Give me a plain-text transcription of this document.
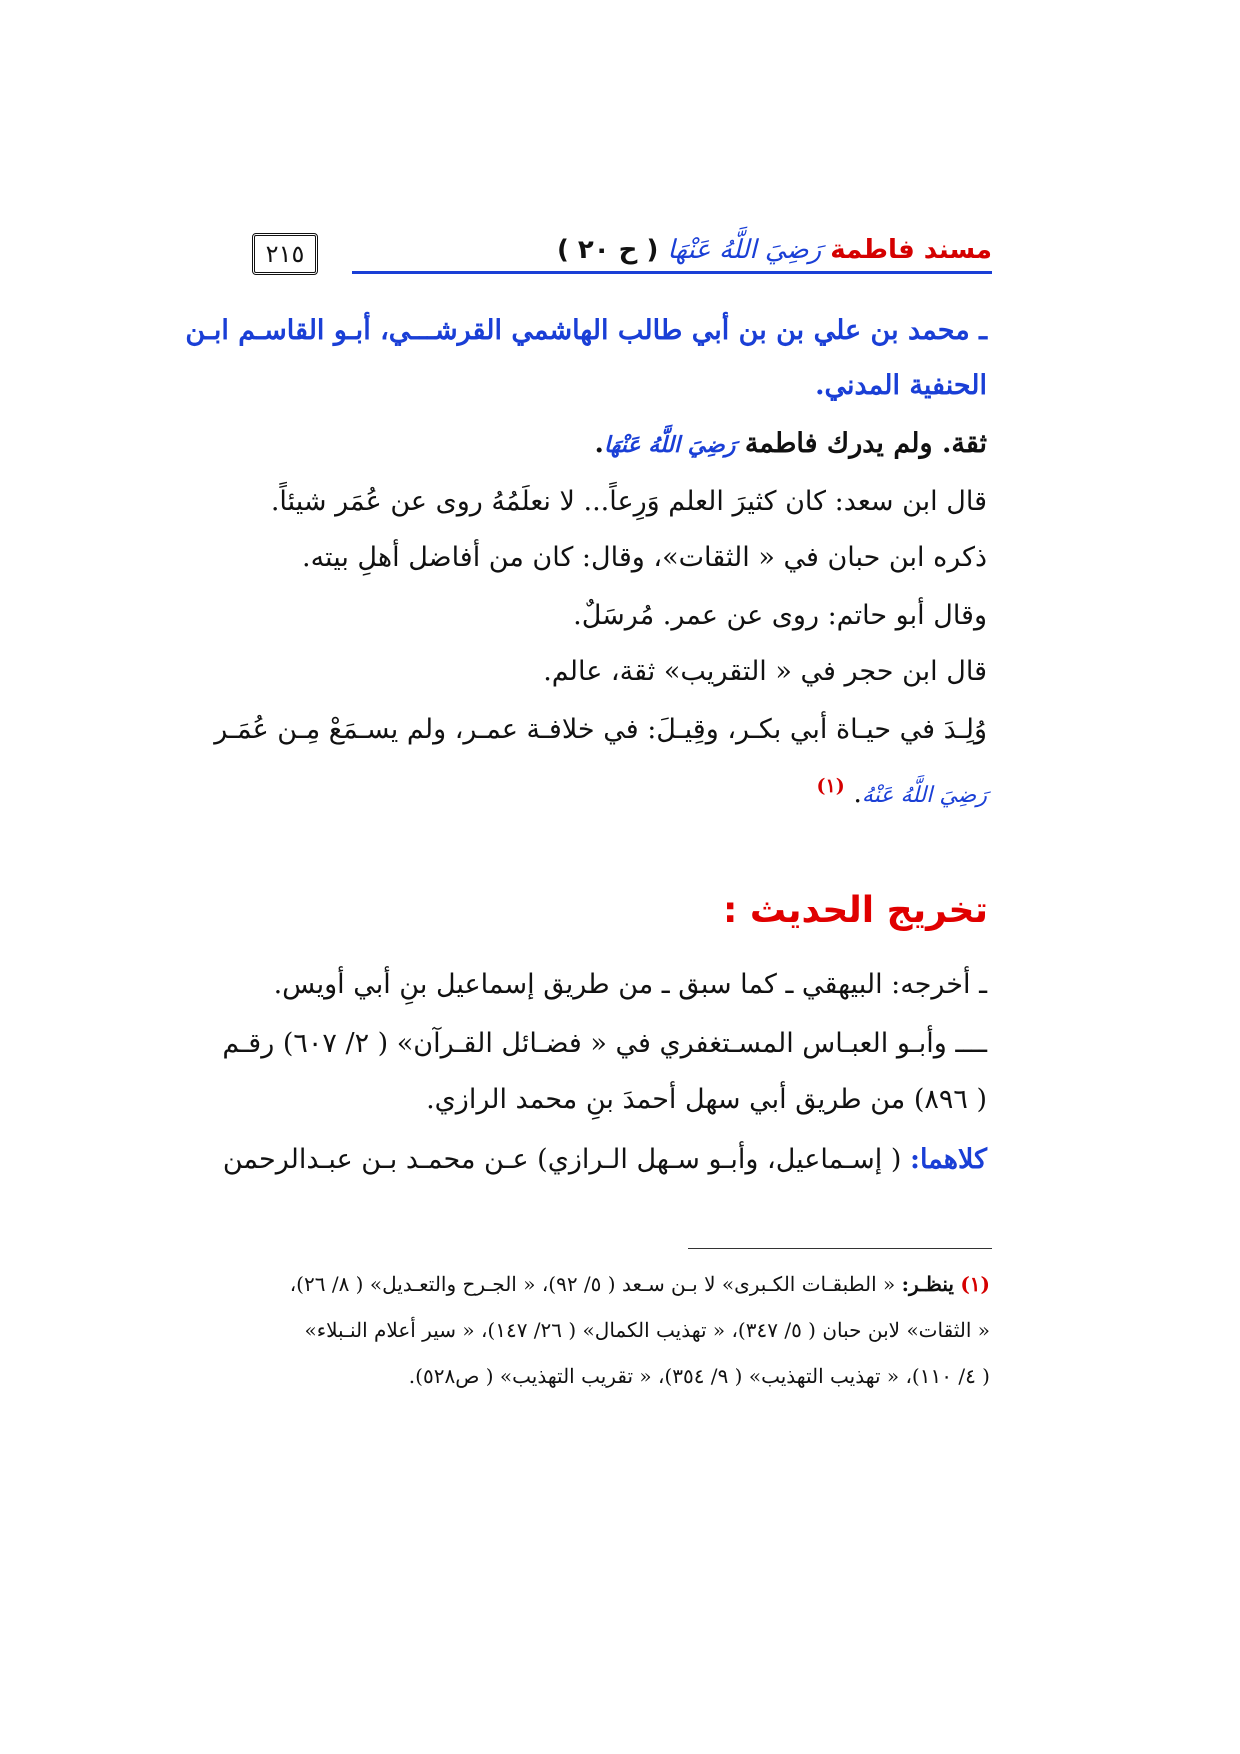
مسند فاطمة رَضِيَ اللَّهُ عَنْهَا ( ح ٢٠ )
٢١٥
ـ محمد بن علي بن بن أبي طالب الهاشمي القرشـــي، أبـو القاسـم ابـن
الحنفية المدني.
ثقة. ولم يدرك فاطمة رَضِيَ اللَّهُ عَنْهَا.
قال ابن سعد: كان كثيرَ العلم وَرِعاً... لا نعلَمُهُ روى عن عُمَر شيئاً.
ذكره ابن حبان في « الثقات»، وقال: كان من أفاضل أهلِ بيته.
وقال أبو حاتم: روى عن عمر. مُرسَلٌ.
قال ابن حجر في « التقريب» ثقة، عالم.
وُلِـدَ في حيـاة أبي بكـر، وقِيـلَ: في خلافـة عمـر، ولم يسـمَعْ مِـن عُمَـر
رَضِيَ اللَّهُ عَنْهُ. $^{(١)}$
تخريج الحديث :
ـ أخرجه: البيهقي ـ كما سبق ـ من طريق إسماعيل بنِ أبي أويس.
ــــ وأبـو العبـاس المسـتغفري في « فضـائل القـرآن» ( ٢/ ٦٠٧) رقـم
( ٨٩٦) من طريق أبي سهل أحمدَ بنِ محمد الرازي.
كلاهما: ( إسـماعيل، وأبـو سـهل الـرازي) عـن محمـد بـن عبـدالرحمن
(١) ينظـر: « الطبقـات الكـبرى» لا بـن سـعد ( ٥/ ٩٢)، « الجـرح والتعـديل» ( ٨/ ٢٦)،
« الثقات» لابن حبان ( ٥/ ٣٤٧)، « تهذيب الكمال» ( ٢٦/ ١٤٧)، « سير أعلام النـبلاء»
( ٤/ ١١٠)، « تهذيب التهذيب» ( ٩/ ٣٥٤)، « تقريب التهذيب» ( ص٥٢٨).
